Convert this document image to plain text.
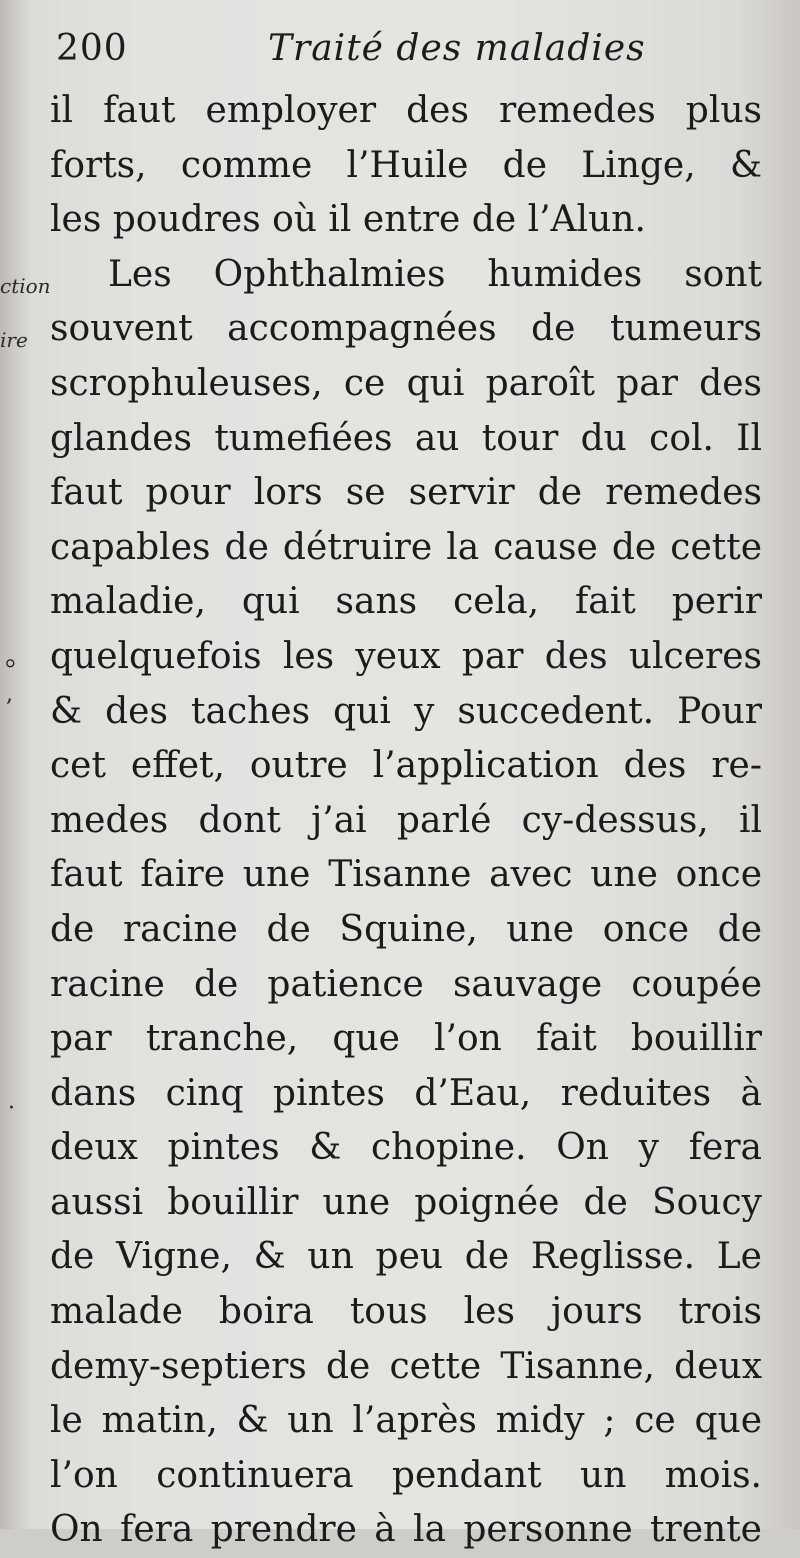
ction
ire
⸰
,
·
200	Traité des maladies
il faut employer des remedes plus
forts, comme l’Huile de Linge, &
les poudres où il entre de l’Alun.
Les Ophthalmies humides sont
souvent accompagnées de tumeurs
scrophuleuses, ce qui paroît par des
glandes tumefiées au tour du col. Il
faut pour lors se servir de remedes
capables de détruire la cause de cette
maladie, qui sans cela, fait perir
quelquefois les yeux par des ulceres
& des taches qui y succedent. Pour
cet effet, outre l’application des re-
medes dont j’ai parlé cy-dessus, il
faut faire une Tisanne avec une once
de racine de Squine, une once de
racine de patience sauvage coupée
par tranche, que l’on fait bouillir
dans cinq pintes d’Eau, reduites à
deux pintes & chopine. On y fera
aussi bouillir une poignée de Soucy
de Vigne, & un peu de Reglisse. Le
malade boira tous les jours trois
demy-septiers de cette Tisanne, deux
le matin, & un l’après midy ; ce que
l’on continuera pendant un mois.
On fera prendre à la personne trente
